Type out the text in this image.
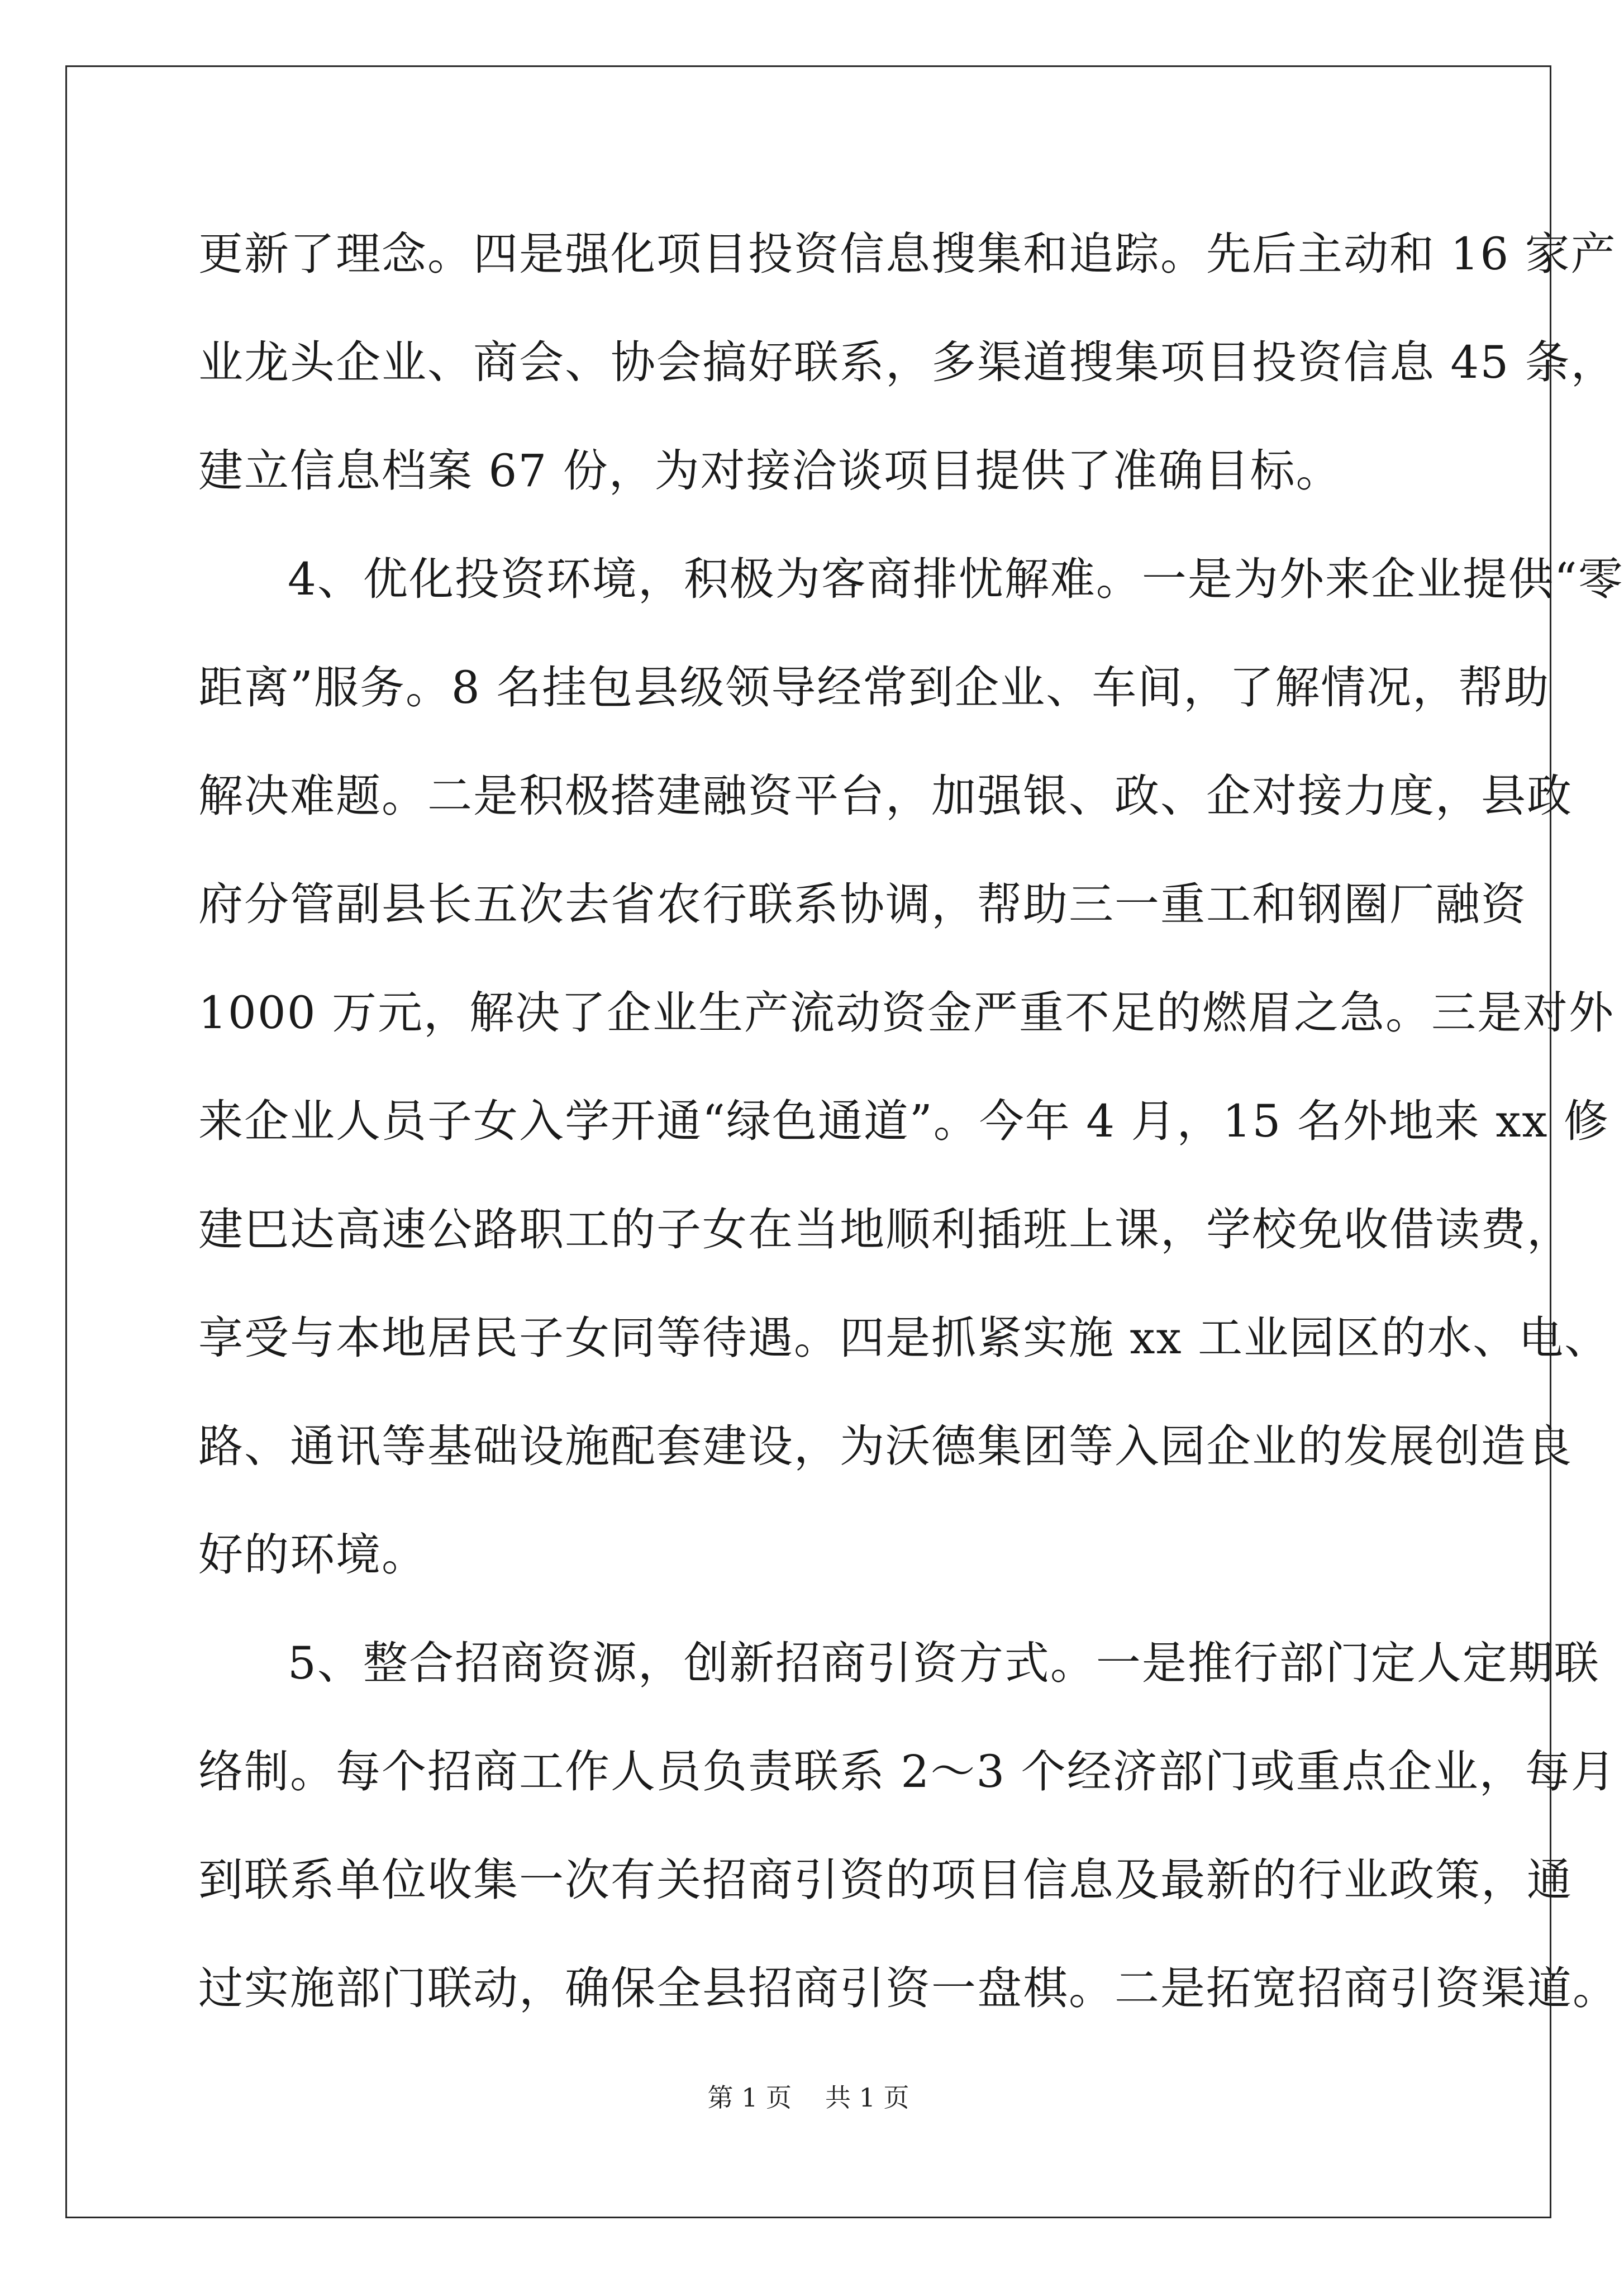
更新了理念。四是强化项目投资信息搜集和追踪。先后主动和 16 家产
业龙头企业、商会、协会搞好联系，多渠道搜集项目投资信息 45 条，
建立信息档案 67 份，为对接洽谈项目提供了准确目标。
4、优化投资环境，积极为客商排忧解难。一是为外来企业提供“零
距离”服务。8 名挂包县级领导经常到企业、车间，了解情况，帮助
解决难题。二是积极搭建融资平台，加强银、政、企对接力度，县政
府分管副县长五次去省农行联系协调，帮助三一重工和钢圈厂融资
1000 万元，解决了企业生产流动资金严重不足的燃眉之急。三是对外
来企业人员子女入学开通“绿色通道”。今年 4 月，15 名外地来 xx 修
建巴达高速公路职工的子女在当地顺利插班上课，学校免收借读费，
享受与本地居民子女同等待遇。四是抓紧实施 xx 工业园区的水、电、
路、通讯等基础设施配套建设，为沃德集团等入园企业的发展创造良
好的环境。
5、整合招商资源，创新招商引资方式。一是推行部门定人定期联
络制。每个招商工作人员负责联系 2～3 个经济部门或重点企业，每月
到联系单位收集一次有关招商引资的项目信息及最新的行业政策，通
过实施部门联动，确保全县招商引资一盘棋。二是拓宽招商引资渠道。
第 1 页 共 1 页
